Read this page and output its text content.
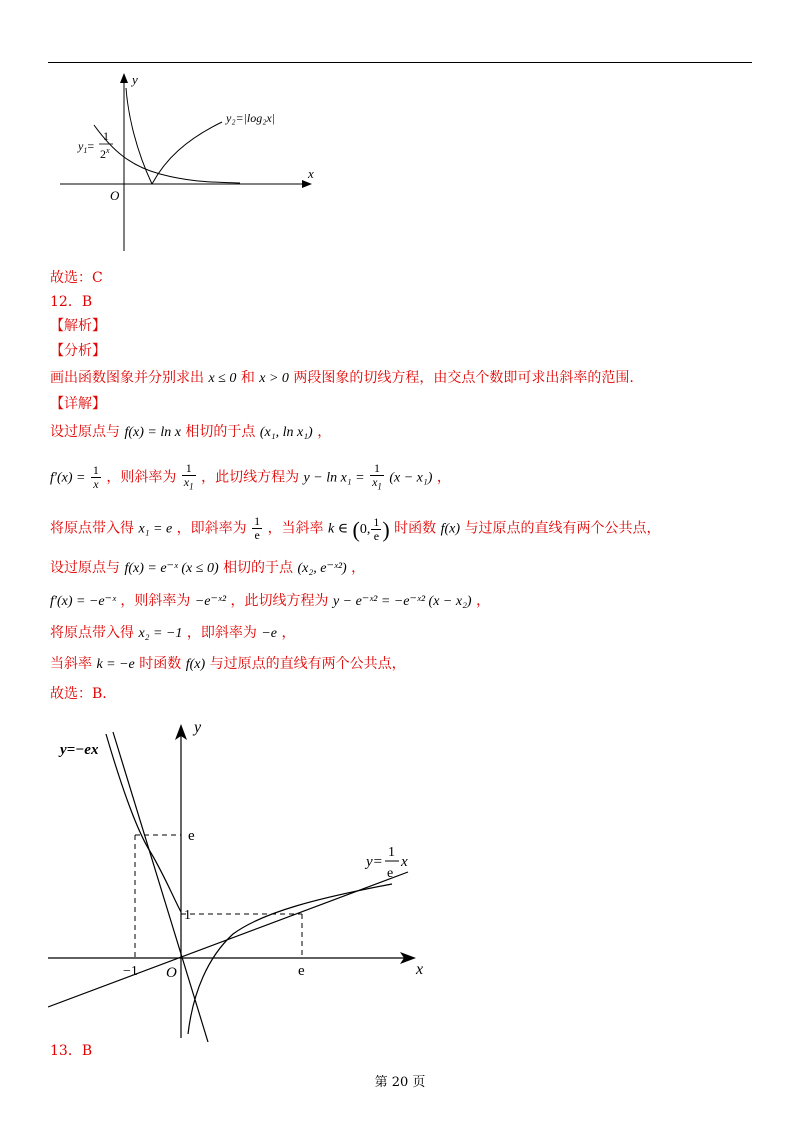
y
x
O
$y_1=$
1
2$^x$
y₂=|log₂x|
故选：C
12．B
【解析】
【分析】
画出函数图象并分别求出 x ≤ 0 和 x > 0 两段图象的切线方程，由交点个数即可求出斜率的范围.
【详解】
设过原点与 f(x) = ln x 相切的于点 (x₁, ln x₁) ，
$f'(x) = \frac{1}{x}$ ，则斜率为 $\frac{1}{x_1}$ ，此切线方程为 $y - \ln x_1 = \frac{1}{x_1} (x - x_1)$ ，
将原点带入得 x₁ = e ，即斜率为 $\frac{1}{e}$ ，当斜率 k ∈ (0, $\frac{1}{e}$ ) 时函数 f(x) 与过原点的直线有两个公共点，
设过原点与 f(x) = e⁻ˣ (x ≤ 0) 相切的于点 (x₂, e⁻ˣ²) ，
f′(x) = −e⁻ˣ ，则斜率为 −e⁻ˣ² ，此切线方程为 y − e⁻ˣ² = −e⁻ˣ² (x − x₂) ，
将原点带入得 x₂ = −1 ，即斜率为 −e ，
当斜率 k = −e 时函数 f(x) 与过原点的直线有两个公共点，
故选：B.
y
x
O
e
1
−1	e
y=−ex
y=
1
e
x
13．B
第 20 页
